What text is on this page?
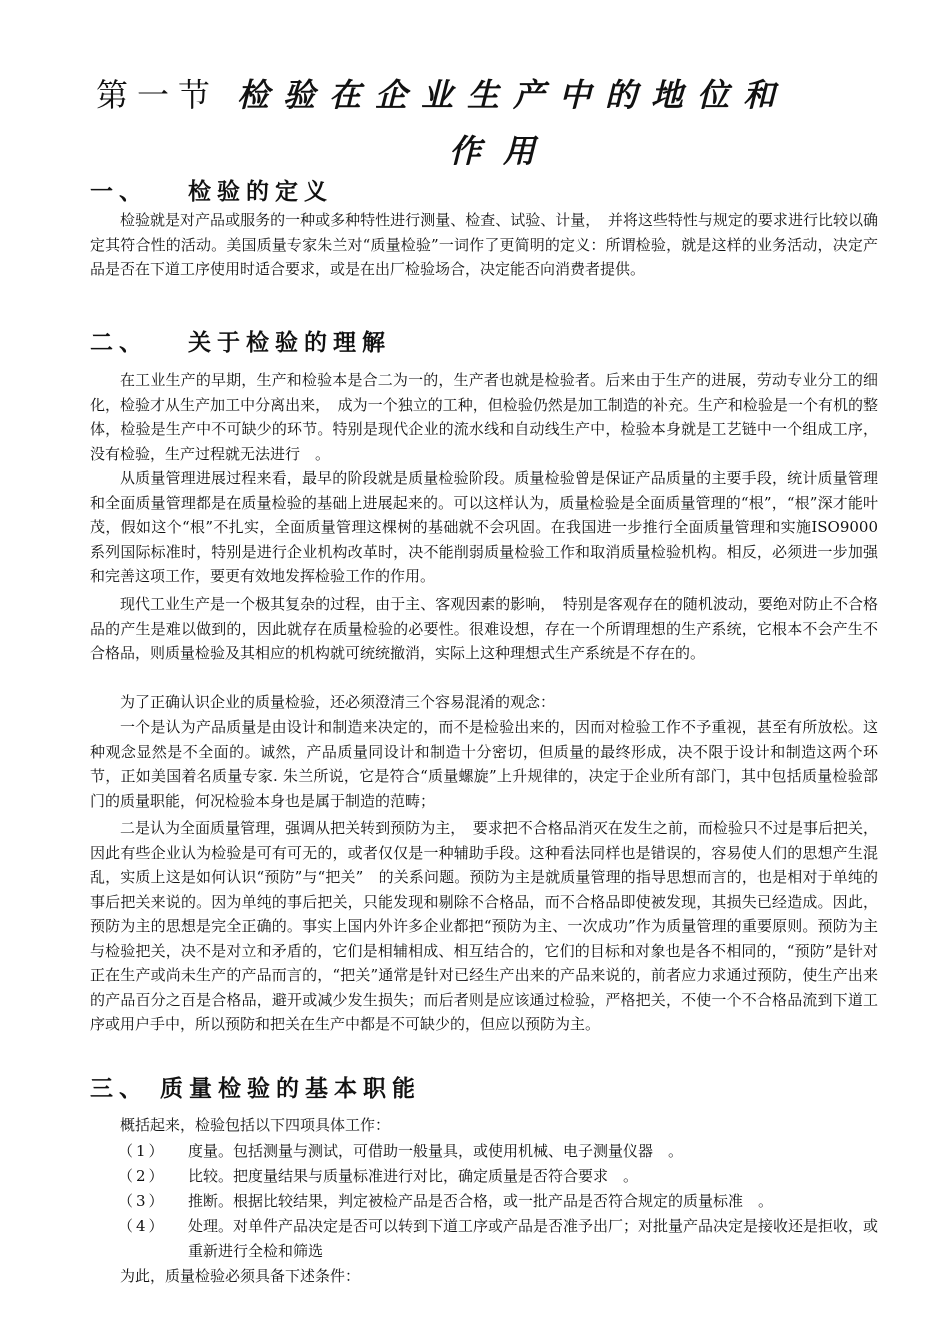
第一节 检验在企业生产中的地位和
作用
一、 检验的定义

检验就是对产品或服务的一种或多种特性进行测量、检查、试验、计量，　并将这些特性与规定的要求进行比较以确定其符合性的活动。美国质量专家朱兰对“质量检验”一词作了更简明的定义：所谓检验，就是这样的业务活动，决定产品是否在下道工序使用时适合要求，或是在出厂检验场合，决定能否向消费者提供。

二、 关于检验的理解

在工业生产的早期，生产和检验本是合二为一的，生产者也就是检验者。后来由于生产的进展，劳动专业分工的细化，检验才从生产加工中分离出来，　成为一个独立的工种，但检验仍然是加工制造的补充。生产和检验是一个有机的整体，检验是生产中不可缺少的环节。特别是现代企业的流水线和自动线生产中，检验本身就是工艺链中一个组成工序，没有检验，生产过程就无法进行　。

从质量管理进展过程来看，最早的阶段就是质量检验阶段。质量检验曾是保证产品质量的主要手段，统计质量管理和全面质量管理都是在质量检验的基础上进展起来的。可以这样认为，质量检验是全面质量管理的“根”，“根”深才能叶茂，假如这个“根”不扎实，全面质量管理这棵树的基础就不会巩固。在我国进一步推行全面质量管理和实施ISO9000 系列国际标准时，特别是进行企业机构改革时，决不能削弱质量检验工作和取消质量检验机构。相反，必须进一步加强和完善这项工作，要更有效地发挥检验工作的作用。

现代工业生产是一个极其复杂的过程，由于主、客观因素的影响，　特别是客观存在的随机波动，要绝对防止不合格品的产生是难以做到的，因此就存在质量检验的必要性。很难设想，存在一个所谓理想的生产系统，它根本不会产生不合格品，则质量检验及其相应的机构就可统统撤消，实际上这种理想式生产系统是不存在的。

为了正确认识企业的质量检验，还必须澄清三个容易混淆的观念：

一个是认为产品质量是由设计和制造来决定的，而不是检验出来的，因而对检验工作不予重视，甚至有所放松。这种观念显然是不全面的。诚然，产品质量同设计和制造十分密切，但质量的最终形成，决不限于设计和制造这两个环节，正如美国着名质量专家. 朱兰所说，它是符合“质量螺旋”上升规律的，决定于企业所有部门，其中包括质量检验部门的质量职能，何况检验本身也是属于制造的范畴；

二是认为全面质量管理，强调从把关转到预防为主，　要求把不合格品消灭在发生之前，而检验只不过是事后把关，因此有些企业认为检验是可有可无的，或者仅仅是一种辅助手段。这种看法同样也是错误的，容易使人们的思想产生混乱，实质上这是如何认识“预防”与“把关”　的关系问题。预防为主是就质量管理的指导思想而言的，也是相对于单纯的事后把关来说的。因为单纯的事后把关，只能发现和剔除不合格品，而不合格品即使被发现，其损失已经造成。因此，预防为主的思想是完全正确的。事实上国内外许多企业都把“预防为主、一次成功”作为质量管理的重要原则。预防为主与检验把关，决不是对立和矛盾的，它们是相辅相成、相互结合的，它们的目标和对象也是各不相同的，“预防”是针对正在生产或尚未生产的产品而言的，“把关”通常是针对已经生产出来的产品来说的，前者应力求通过预防，使生产出来的产品百分之百是合格品，避开或减少发生损失；而后者则是应该通过检验，严格把关，不使一个不合格品流到下道工序或用户手中，所以预防和把关在生产中都是不可缺少的，但应以预防为主。

三、 质量检验的基本职能

概括起来，检验包括以下四项具体工作：

（1） 度量。包括测量与测试，可借助一般量具，或使用机械、电子测量仪器　。
（2） 比较。把度量结果与质量标准进行对比，确定质量是否符合要求　。
（3） 推断。根据比较结果，判定被检产品是否合格，或一批产品是否符合规定的质量标准　。
（4） 处理。对单件产品决定是否可以转到下道工序或产品是否准予出厂；对批量产品决定是接收还是拒收，或重新进行全检和筛选

为此，质量检验必须具备下述条件：
